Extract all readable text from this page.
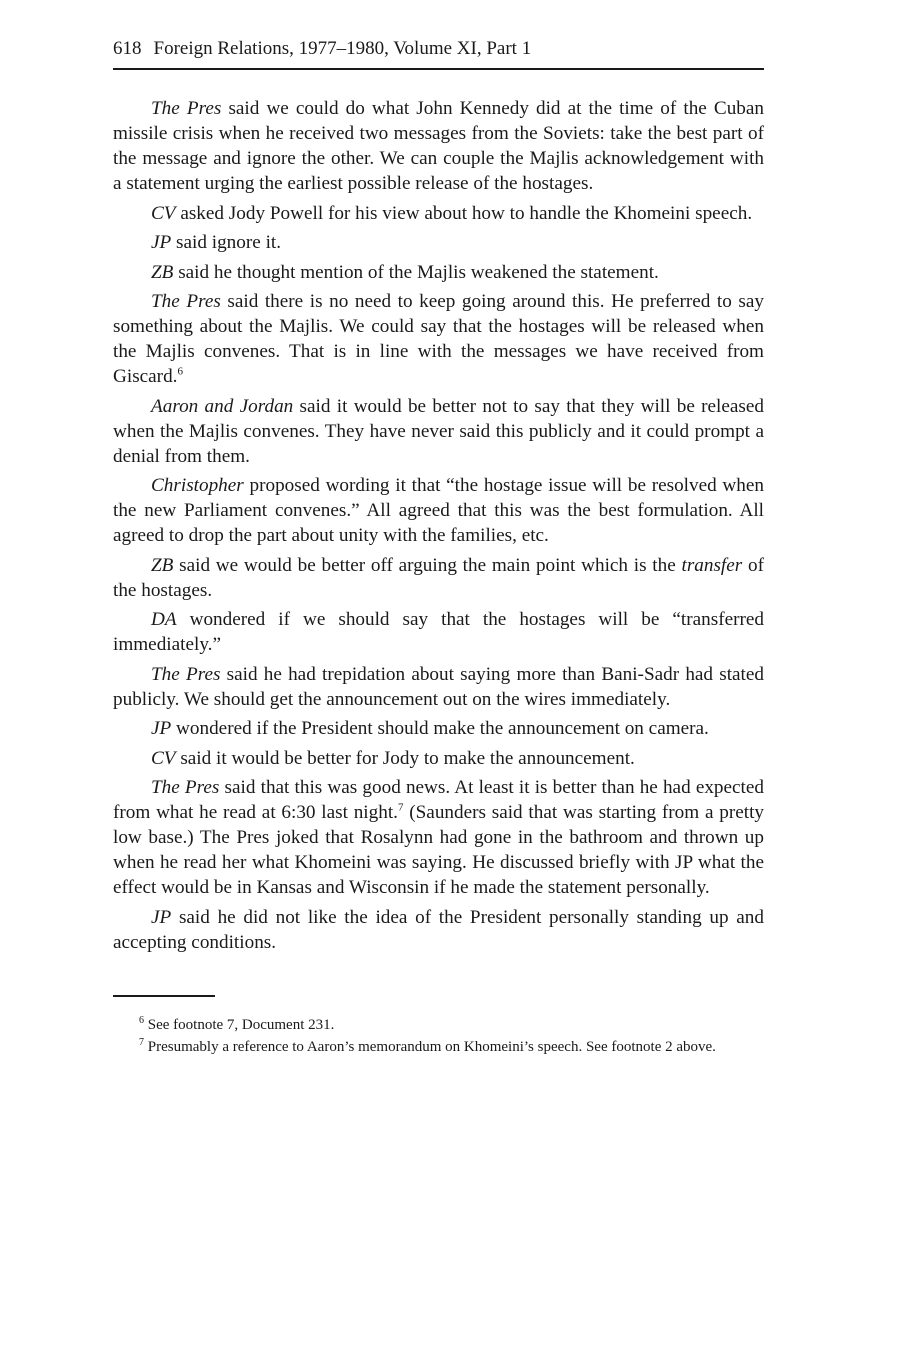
618 Foreign Relations, 1977–1980, Volume XI, Part 1

The Pres said we could do what John Kennedy did at the time of the Cuban missile crisis when he received two messages from the Soviets: take the best part of the message and ignore the other. We can couple the Majlis acknowledgement with a statement urging the earliest possible release of the hostages.

CV asked Jody Powell for his view about how to handle the Khomeini speech.

JP said ignore it.

ZB said he thought mention of the Majlis weakened the statement.

The Pres said there is no need to keep going around this. He preferred to say something about the Majlis. We could say that the hostages will be released when the Majlis convenes. That is in line with the messages we have received from Giscard.$^6$

Aaron and Jordan said it would be better not to say that they will be released when the Majlis convenes. They have never said this publicly and it could prompt a denial from them.

Christopher proposed wording it that “the hostage issue will be resolved when the new Parliament convenes.” All agreed that this was the best formulation. All agreed to drop the part about unity with the families, etc.

ZB said we would be better off arguing the main point which is the transfer of the hostages.

DA wondered if we should say that the hostages will be “transferred immediately.”

The Pres said he had trepidation about saying more than Bani-Sadr had stated publicly. We should get the announcement out on the wires immediately.

JP wondered if the President should make the announcement on camera.

CV said it would be better for Jody to make the announcement.

The Pres said that this was good news. At least it is better than he had expected from what he read at 6:30 last night.$^7$ (Saunders said that was starting from a pretty low base.) The Pres joked that Rosalynn had gone in the bathroom and thrown up when he read her what Khomeini was saying. He discussed briefly with JP what the effect would be in Kansas and Wisconsin if he made the statement personally.

JP said he did not like the idea of the President personally standing up and accepting conditions.

$^6$ See footnote 7, Document 231.

$^7$ Presumably a reference to Aaron’s memorandum on Khomeini’s speech. See footnote 2 above.
